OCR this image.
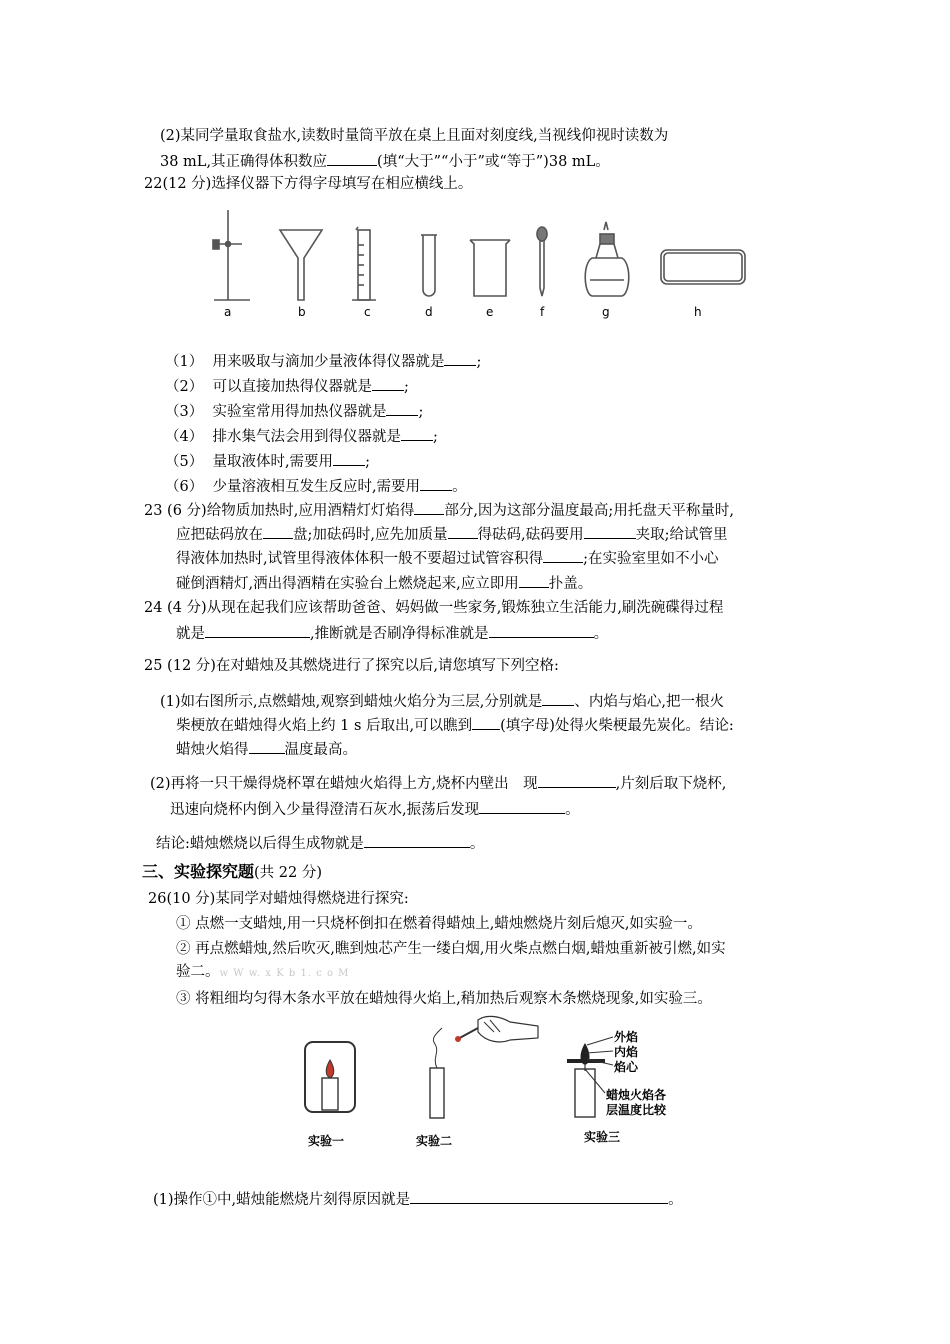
(2)某同学量取食盐水,读数时量筒平放在桌上且面对刻度线,当视线仰视时读数为
38 mL,其正确得体积数应	(填“大于”“小于”或“等于”)38 mL。
22(12 分)选择仪器下方得字母填写在相应横线上。
a	b	c	d	e	f	g	h
（1） 用来吸取与滴加少量液体得仪器就是 ;
（2） 可以直接加热得仪器就是 ;
（3） 实验室常用得加热仪器就是 ;
（4） 排水集气法会用到得仪器就是 ;
（5） 量取液体时,需要用 ;
（6） 少量溶液相互发生反应时,需要用 。
23 (6 分)给物质加热时,应用酒精灯灯焰得 部分,因为这部分温度最高;用托盘天平称量时,
应把砝码放在 盘;加砝码时,应先加质量 得砝码,砝码要用	夹取;给试管里
得液体加热时,试管里得液体体积一般不要超过试管容积得	;在实验室里如不小心
碰倒酒精灯,洒出得酒精在实验台上燃烧起来,应立即用 扑盖。
24 (4 分)从现在起我们应该帮助爸爸、妈妈做一些家务,锻炼独立生活能力,刷洗碗碟得过程
就是	,推断就是否刷净得标准就是	。
25 (12 分)在对蜡烛及其燃烧进行了探究以后,请您填写下列空格:
(1)如右图所示,点燃蜡烛,观察到蜡烛火焰分为三层,分别就是 、内焰与焰心,把一根火
柴梗放在蜡烛得火焰上约 1 s 后取出,可以瞧到 (填字母)处得火柴梗最先炭化。结论:
蜡烛火焰得 温度最高。
(2)再将一只干燥得烧杯罩在蜡烛火焰得上方,烧杯内壁出　现	,片刻后取下烧杯,
迅速向烧杯内倒入少量得澄清石灰水,振荡后发现	。
结论:蜡烛燃烧以后得生成物就是	。
三、实验探究题(共 22 分)
26(10 分)某同学对蜡烛得燃烧进行探究:
① 点燃一支蜡烛,用一只烧杯倒扣在燃着得蜡烛上,蜡烛燃烧片刻后熄灭,如实验一。
② 再点燃蜡烛,然后吹灭,瞧到烛芯产生一缕白烟,用火柴点燃白烟,蜡烛重新被引燃,如实
验二。w W w. x K b 1. c o M
③ 将粗细均匀得木条水平放在蜡烛得火焰上,稍加热后观察木条燃烧现象,如实验三。
外焰
内焰
焰心
蜡烛火焰各
层温度比较
实验一	实验二	实验三
(1)操作①中,蜡烛能燃烧片刻得原因就是	。
